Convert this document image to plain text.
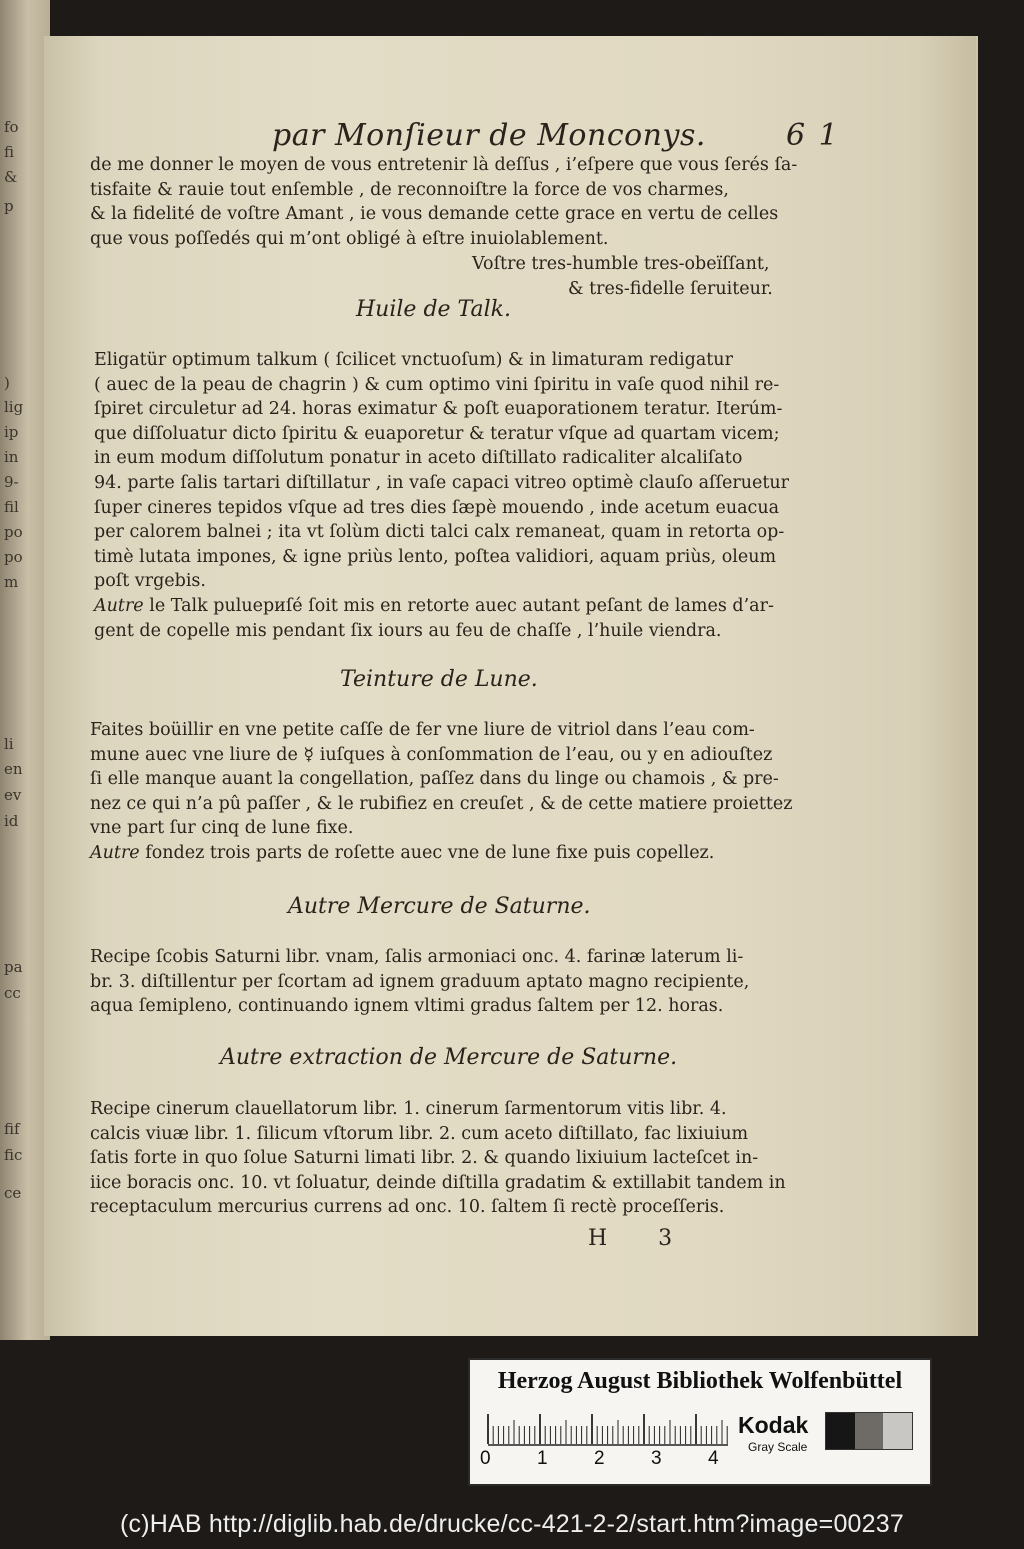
fo
fi
&
p
)
lig
ip
in
9-
fil
po
po
m
li
en
ev
id
pa
cc
fif
fic
ce
par Monſieur de Monconys.	6 1
de me donner le moyen de vous entretenir là deſſus , i’eſpere que vous ſerés ſa-
tisfaite & rauie tout enſemble , de reconnoiſtre la force de vos charmes,
& la fidelité de voſtre Amant , ie vous demande cette grace en vertu de celles
que vous poſſedés qui m’ont obligé à eſtre inuiolablement.
Voſtre tres-humble tres-obeïſſant,
& tres-fidelle ſeruiteur.
Huile de Talk.
Eligatür optimum talkum ( ſcilicet vnctuoſum) & in limaturam redigatur
( auec de la peau de chagrin ) & cum optimo vini ſpiritu in vaſe quod nihil re-
ſpiret circuletur ad 24. horas eximatur & poſt euaporationem teratur. Iterúm-
que diſſoluatur dicto ſpiritu & euaporetur & teratur vſque ad quartam vicem;
in eum modum diſſolutum ponatur in aceto diſtillato radicaliter alcaliſato
94. parte ſalis tartari diſtillatur , in vaſe capaci vitreo optimè clauſo aſſeruetur
ſuper cineres tepidos vſque ad tres dies ſæpè mouendo , inde acetum euacua
per calorem balnei ; ita vt ſolùm dicti talci calx remaneat, quam in retorta op-
timè lutata impones, & igne priùs lento, poſtea validiori, aquam priùs, oleum
poſt vrgebis.
Autre le Talk puluериſé ſoit mis en retorte auec autant peſant de lames d’ar-
gent de copelle mis pendant ſix iours au feu de chaſſe , l’huile viendra.
Teinture de Lune.
Faites boüillir en vne petite caſſe de fer vne liure de vitriol dans l’eau com-
mune auec vne liure de ☿ iuſques à conſommation de l’eau, ou y en adiouſtez
ſi elle manque auant la congellation, paſſez dans du linge ou chamois , & pre-
nez ce qui n’a pû paſſer , & le rubifiez en creuſet , & de cette matiere proiettez
vne part ſur cinq de lune fixe.
Autre fondez trois parts de roſette auec vne de lune fixe puis copellez.
Autre Mercure de Saturne.
Recipe ſcobis Saturni libr. vnam, ſalis armoniaci onc. 4. farinæ laterum li-
br. 3. diſtillentur per ſcortam ad ignem graduum aptato magno recipiente,
aqua ſemipleno, continuando ignem vltimi gradus ſaltem per 12. horas.
Autre extraction de Mercure de Saturne.
Recipe cinerum clauellatorum libr. 1. cinerum ſarmentorum vitis libr. 4.
calcis viuæ libr. 1. ſilicum vſtorum libr. 2. cum aceto diſtillato, fac lixiuium
ſatis forte in quo ſolue Saturni limati libr. 2. & quando lixiuium lacteſcet in-
iice boracis onc. 10. vt ſoluatur, deinde diſtilla gradatim & extillabit tandem in
receptaculum mercurius currens ad onc. 10. ſaltem ſi rectè proceſſeris.
H 3
Herzog August Bibliothek Wolfenbüttel
0 1 2 3 4
Kodak
Gray Scale
(c)HAB http://diglib.hab.de/drucke/cc-421-2-2/start.htm?image=00237
